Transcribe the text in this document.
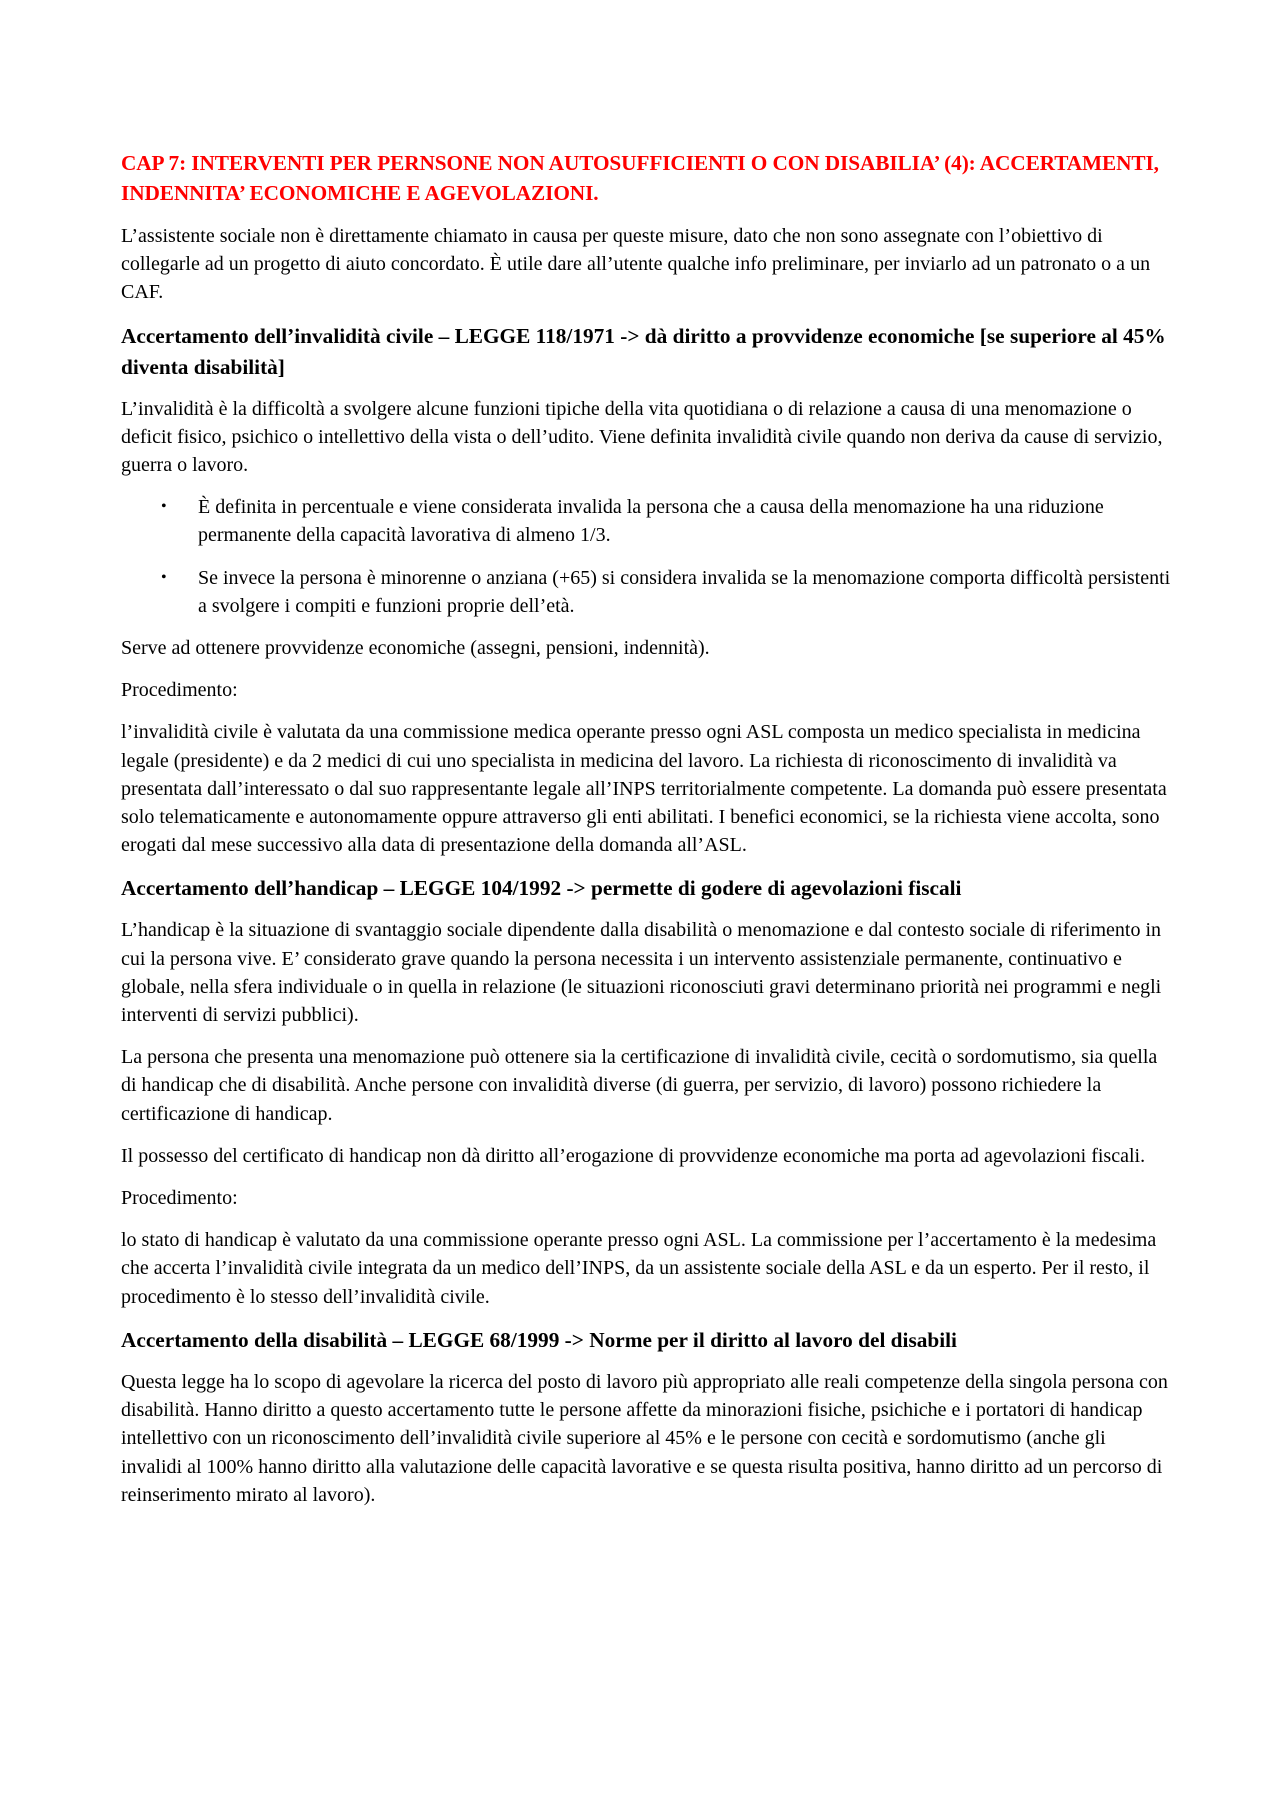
CAP 7: INTERVENTI PER PERNSONE NON AUTOSUFFICIENTI O CON DISABILIA’ (4): ACCERTAMENTI, INDENNITA’ ECONOMICHE E AGEVOLAZIONI.

L’assistente sociale non è direttamente chiamato in causa per queste misure, dato che non sono assegnate con l’obiettivo di collegarle ad un progetto di aiuto concordato. È utile dare all’utente qualche info preliminare, per inviarlo ad un patronato o a un CAF.

Accertamento dell’invalidità civile – LEGGE 118/1971 -> dà diritto a provvidenze economiche [se superiore al 45% diventa disabilità]

L’invalidità è la difficoltà a svolgere alcune funzioni tipiche della vita quotidiana o di relazione a causa di una menomazione o deficit fisico, psichico o intellettivo della vista o dell’udito. Viene definita invalidità civile quando non deriva da cause di servizio, guerra o lavoro.

• È definita in percentuale e viene considerata invalida la persona che a causa della menomazione ha una riduzione permanente della capacità lavorativa di almeno 1/3.
• Se invece la persona è minorenne o anziana (+65) si considera invalida se la menomazione comporta difficoltà persistenti a svolgere i compiti e funzioni proprie dell’età.

Serve ad ottenere provvidenze economiche (assegni, pensioni, indennità).

Procedimento:

l’invalidità civile è valutata da una commissione medica operante presso ogni ASL composta un medico specialista in medicina legale (presidente) e da 2 medici di cui uno specialista in medicina del lavoro. La richiesta di riconoscimento di invalidità va presentata dall’interessato o dal suo rappresentante legale all’INPS territorialmente competente. La domanda può essere presentata solo telematicamente e autonomamente oppure attraverso gli enti abilitati. I benefici economici, se la richiesta viene accolta, sono erogati dal mese successivo alla data di presentazione della domanda all’ASL.

Accertamento dell’handicap – LEGGE 104/1992 -> permette di godere di agevolazioni fiscali

L’handicap è la situazione di svantaggio sociale dipendente dalla disabilità o menomazione e dal contesto sociale di riferimento in cui la persona vive. E’ considerato grave quando la persona necessita i un intervento assistenziale permanente, continuativo e globale, nella sfera individuale o in quella in relazione (le situazioni riconosciuti gravi determinano priorità nei programmi e negli interventi di servizi pubblici).

La persona che presenta una menomazione può ottenere sia la certificazione di invalidità civile, cecità o sordomutismo, sia quella di handicap che di disabilità. Anche persone con invalidità diverse (di guerra, per servizio, di lavoro) possono richiedere la certificazione di handicap.

Il possesso del certificato di handicap non dà diritto all’erogazione di provvidenze economiche ma porta ad agevolazioni fiscali.

Procedimento:

lo stato di handicap è valutato da una commissione operante presso ogni ASL. La commissione per l’accertamento è la medesima che accerta l’invalidità civile integrata da un medico dell’INPS, da un assistente sociale della ASL e da un esperto. Per il resto, il procedimento è lo stesso dell’invalidità civile.

Accertamento della disabilità – LEGGE 68/1999 -> Norme per il diritto al lavoro del disabili

Questa legge ha lo scopo di agevolare la ricerca del posto di lavoro più appropriato alle reali competenze della singola persona con disabilità. Hanno diritto a questo accertamento tutte le persone affette da minorazioni fisiche, psichiche e i portatori di handicap intellettivo con un riconoscimento dell’invalidità civile superiore al 45% e le persone con cecità e sordomutismo (anche gli invalidi al 100% hanno diritto alla valutazione delle capacità lavorative e se questa risulta positiva, hanno diritto ad un percorso di reinserimento mirato al lavoro).
